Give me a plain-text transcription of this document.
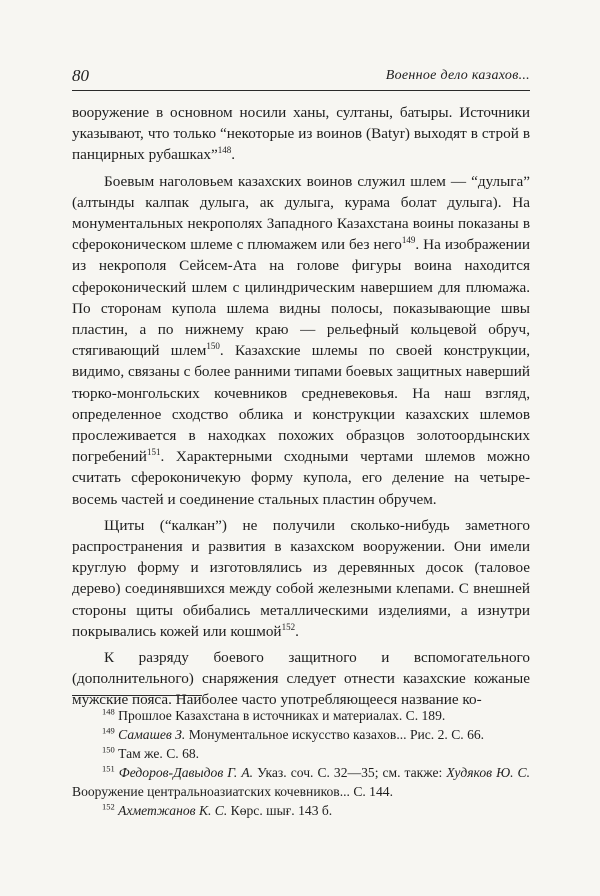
80	Военное дело казахов...

вооружение в основном носили ханы, султаны, батыры. Источники указывают, что только “некоторые из воинов (Batyr) выходят в строй в панцирных рубашках”$^{148}$.

Боевым наголовьем казахских воинов служил шлем — “дулыга” (алтынды калпак дулыга, ак дулыга, курама болат дулыга). На монументальных некрополях Западного Казахстана воины показаны в сфероконическом шлеме с плюмажем или без него$^{149}$. На изображении из некрополя Сейсем-Ата на голове фигуры воина находится сфероконический шлем с цилиндрическим навершием для плюмажа. По сторонам купола шлема видны полосы, показывающие швы пластин, а по нижнему краю — рельефный кольцевой обруч, стягивающий шлем$^{150}$. Казахские шлемы по своей конструкции, видимо, связаны с более ранними типами боевых защитных наверший тюрко-монгольских кочевников средневековья. На наш взгляд, определенное сходство облика и конструкции казахских шлемов прослеживается в находках похожих образцов золотоордынских погребений$^{151}$. Характерными сходными чертами шлемов можно считать сфероконичекую форму купола, его деление на четыре-восемь частей и соединение стальных пластин обручем.

Щиты (“калкан”) не получили сколько-нибудь заметного распространения и развития в казахском вооружении. Они имели круглую форму и изготовлялись из деревянных досок (таловое дерево) соединявшихся между собой железными клепами. С внешней стороны щиты обибались металлическими изделиями, а изнутри покрывались кожей или кошмой$^{152}$.

К разряду боевого защитного и вспомогательного (дополнительного) снаряжения следует отнести казахские кожаные мужские пояса. Наиболее часто употребляющееся название ко-

$^{148}$ Прошлое Казахстана в источниках и материалах. С. 189.

$^{149}$ Самашев З. Монументальное искусство казахов... Рис. 2. С. 66.

$^{150}$ Там же. С. 68.

$^{151}$ Федоров-Давыдов Г. А. Указ. соч. С. 32—35; см. также: Худяков Ю. С. Вооружение центральноазиатских кочевников... С. 144.

$^{152}$ Ахметжанов К. С. Көрс. шығ. 143 б.
